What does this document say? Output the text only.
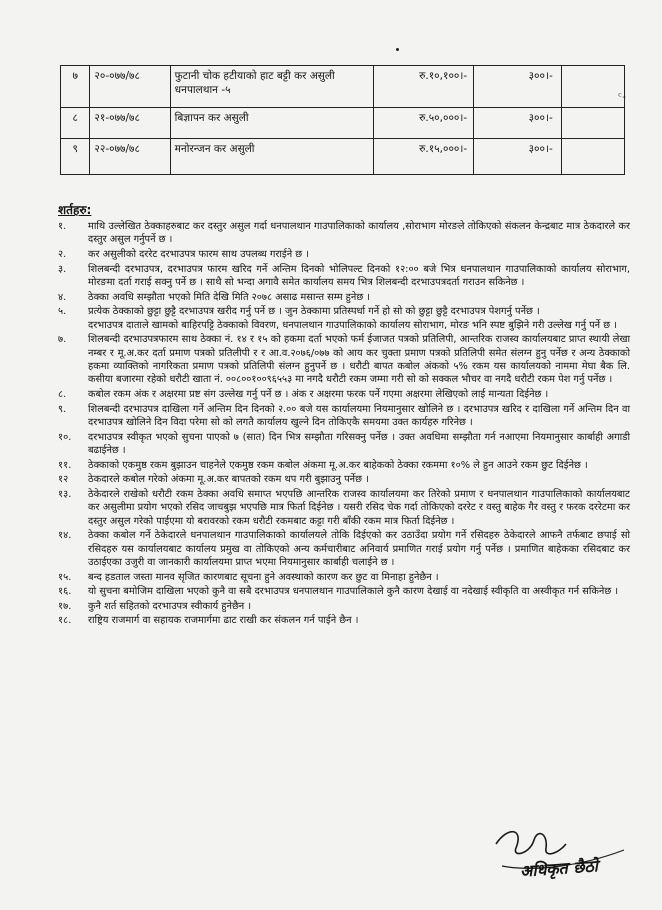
ᶜ‐
७	२०-०७७/७८	फुटानी चोक हटीयाको हाट बट्टी कर असुली धनपालथान -५	रु.१०,१००।-	३००।-	
८	२१-०७७/७८	बिज्ञापन कर असुली	रु.५०,०००।-	३००।-	
९	२२-०७७/७८	मनोरन्जन कर असुली	रु.१५,०००।-	३००।-	
शर्तहरु:
१.	माथि उल्लेखित ठेक्काहरुबाट कर दस्तुर असुल गर्दा धनपालथान गाउपालिकाको कार्यालय ,सोराभाग मोरङले तोकिएको संकलन केन्द्रबाट मात्र ठेकदारले कर दस्तुर असुल गर्नुपर्ने छ ।

२.	कर असुलीको दररेट दरभाउपत्र फारम साथ उपलब्ध गराईने छ ।

३.	शिलबन्दी दरभाउपत्र, दरभाउपत्र फारम खरिद गर्ने अन्तिम दिनको भोलिपल्ट दिनको १२:०० बजे भित्र धनपालथान गाउपालिकाको कार्यालय सोराभाग, मोरङमा दर्ता गराई सक्नु पर्ने छ । साथै सो भन्दा अगावै समेत कार्यालय समय भित्र शिलबन्दी दरभाउपत्रदर्ता गराउन सकिनेछ ।

४.	ठेक्का अवधि सम्झौता भएको मिति देखि मिति २०७८ असाढ मसान्त सम्म हुनेछ ।

५.	प्रत्येक ठेक्काको छुट्टा छुट्टै दरभाउपत्र खरीद गर्नु पर्ने छ । जुन ठेक्कामा प्रतिस्पर्धा गर्ने हो सो को छुट्टा छुट्टै दरभाउपत्र पेशगर्नु पर्नेछ ।

दरभाउपत्र दाताले खामको बाहिरपट्टि ठेक्काको विवरण, धनपालथान गाउपालिकाको कार्यालय सोराभाग, मोरङ भनि स्पष्ट बुझिने गरी उल्लेख गर्नु पर्ने छ ।

७.	शिलबन्दी दरभाउपत्रफारम साथ ठेक्का नं. १४ र १५ को हकमा दर्ता भएको फर्म ईजाजत पत्रको प्रतिलिपी, आन्तरिक राजस्व कार्यालयबाट प्राप्त स्थायी लेखा नम्बर र मू.अ.कर दर्ता प्रमाण पत्रको प्रतिलीपी र र आ.व.२०७६/०७७ को आय कर चुक्ता प्रमाण पत्रको प्रतिलिपी समेत संलग्न हुनु पर्नेछ र अन्य ठेक्काको हकमा व्याक्तिको नागरिकता प्रमाण पत्रको प्रतिलिपी संलग्न हुनुपर्ने छ । धरौटी बापत कबोल अंकको ५% रकम यस कार्यालयको नाममा मेघा बैक लि. कसीया बजारमा रहेको धरौटी खाता नं. ००८००१००९६५५३ मा नगदै धरौटी रकम जम्मा गरी सो को सक्कल भौचर वा नगदै धरौटी रकम पेश गर्नु पर्नेछ ।

८.	कबोल रकम अंक र अक्षरमा प्रष्ट संग उल्लेख गर्नु पर्ने छ । अंक र अक्षरमा फरक पर्ने गएमा अक्षरमा लेखिएको लाई मान्यता दिईनेछ ।

९.	शिलबन्दी दरभाउपत्र दाखिला गर्ने अन्तिम दिन दिनको २.०० बजे यस कार्यालयमा नियमानुसार खोलिने छ । दरभाउपत्र खरिद र दाखिला गर्ने अन्तिम दिन वा दरभाउपत्र खोलिने दिन विदा परेमा सो को लगतै कार्यालय खुल्ने दिन तोकिएकै समयमा उक्त कार्यहरु गरिनेछ ।

१०.	दरभाउपत्र स्वीकृत भएको सुचना पाएको ७ (सात) दिन भित्र सम्झौता गरिसक्नु पर्नेछ । उक्त अवधिमा सम्झौता गर्न नआएमा नियमानुसार कार्बाही अगाडी बढाईनेछ ।

११.	ठेक्काको एकमुष्ठ रकम बुझाउन चाहनेले एकमुष्ठ रकम कबोल अंकमा मू.अ.कर बाहेकको ठेक्का रकममा १०% ले हुन आउने रकम छुट दिईनेछ ।

१२	ठेकदारले कबोल गरेको अंकमा मू.अ.कर बापतको रकम थप गरी बुझाउनु पर्नेछ ।

१३.	ठेकेदारले राखेको धरौटी रकम ठेक्का अवधि समाप्त भएपछि आन्तरिक राजस्व कार्यालयमा कर तिरेको प्रमाण र धनपालथान गाउपालिकाको कार्यालयबाट कर असुलीमा प्रयोग भएको रसिद जाचबुझ भएपछि मात्र फिर्ता दिईनेछ । यसरी रसिद चेक गर्दा तोकिएको दररेट र वस्तु बाहेक गैर वस्तु र फरक दररेटमा कर दस्तुर असुल गरेको पाईएमा यो बरावरको रकम धरौटी रकमबाट कट्टा गरी बाँकी रकम मात्र फिर्ता दिईनेछ ।

१४.	ठेक्का कबोल गर्ने ठेकेदारले धनपालथान गाउपालिकाको कार्यालयले तोकि दिईएको कर उठाउँदा प्रयोग गर्ने रसिदहरु ठेकेदारले आफनै तर्फबाट छपाई सो रसिदहरु यस कार्यालयबाट कार्यालय प्रमुख वा तोकिएको अन्य कर्मचारीबाट अनिवार्य प्रमाणित गराई प्रयोग गर्नु पर्नेछ । प्रमाणित बाहेकका रसिदबाट कर उठाईएका उजुरी वा जानकारी कार्यालयमा प्राप्त भएमा नियमानुसार कार्बाही चलाईने छ ।

१५.	बन्द हडताल जस्ता मानव सृजित कारणबाट सूचना हुने अवस्थाको कारण कर छुट वा मिनाहा हुनेछैन ।

१६.	यो सुचना बमोजिम दाखिला भएको कुनै वा सबै दरभाउपत्र धनपालथान गाउपालिकाले कुनै कारण देखाई वा नदेखाई स्वीकृति वा अस्वीकृत गर्न सकिनेछ ।

१७.	कुनै शर्त सहितको दरभाउपत्र स्वीकार्य हुनेछैन ।

१८.	राष्ट्रिय राजमार्ग वा सहायक राजमार्गमा ढाट राखी कर संकलन गर्न पाईने छैन ।

अधिकृत छैठो
